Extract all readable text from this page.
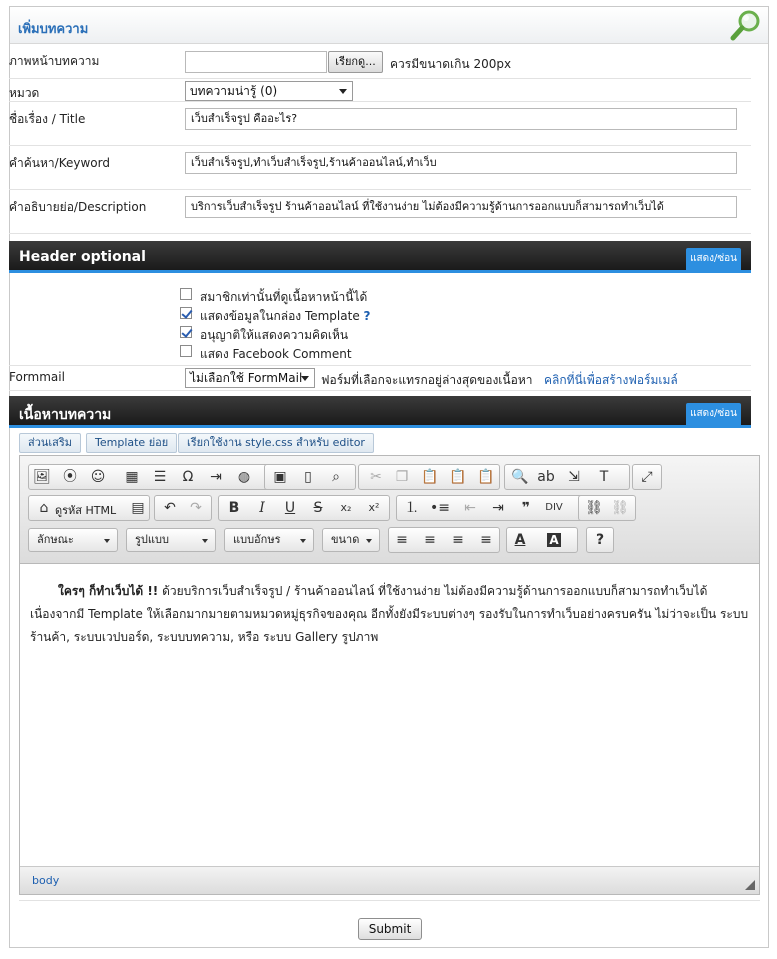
เพิ่มบทความ
ภาพหน้าบทความ	เรียกดู...	ควรมีขนาดเกิน 200px
หมวด	บทความน่ารู้ (0)
ชื่อเรื่อง / Title	เว็บสำเร็จรูป คืออะไร?
คำค้นหา/Keyword	เว็บสำเร็จรูป,ทำเว็บสำเร็จรูป,ร้านค้าออนไลน์,ทำเว็บ
คำอธิบายย่อ/Description	บริการเว็บสำเร็จรูป ร้านค้าออนไลน์ ที่ใช้งานง่าย ไม่ต้องมีความรู้ด้านการออกแบบก็สามารถทำเว็บได้
Header optional	แสดง/ซ่อน
สมาชิกเท่านั้นที่ดูเนื้อหาหน้านี้ได้
แสดงข้อมูลในกล่อง Template ?
อนุญาติให้แสดงความคิดเห็น
แสดง Facebook Comment
Formmail	ไม่เลือกใช้ FormMail	ฟอร์มที่เลือกจะแทรกอยู่ล่างสุดของเนื้อหา คลิกที่นี่เพื่อสร้างฟอร์มเมล์
เนื้อหาบทความ	แสดง/ซ่อน
ส่วนเสริม	Template ย่อย	เรียกใช้งาน style.css สำหรับ editor
🖼 ⦿ ☺	▦	☰	Ω	⇥	◍	▣	▯	⌕	✂ ❐ 📋 📋 📋 🔍 ab ⇲	T	⤢
⌂ ดูรหัส HTML	▤	↶	↷	B	I	U	S	x₂	x²	⒈ •≡	⇤	⇥	❞	DIV ⛓ ⛓
ลักษณะ	รูปแบบ	แบบอักษร	ขนาด	≡	≡	≡	≡	A	A	?
ใครๆ ก็ทำเว็บได้ !! ด้วยบริการเว็บสำเร็จรูป / ร้านค้าออนไลน์ ที่ใช้งานง่าย ไม่ต้องมีความรู้ด้านการออกแบบก็สามารถทำเว็บได้ เนื่องจากมี Template ให้เลือกมากมายตามหมวดหมู่ธุรกิจของคุณ อีกทั้งยังมีระบบต่างๆ รองรับในการทำเว็บอย่างครบครัน ไม่ว่าจะเป็น ระบบร้านค้า, ระบบเวปบอร์ด, ระบบบทความ, หรือ ระบบ Gallery รูปภาพ
body
Submit
